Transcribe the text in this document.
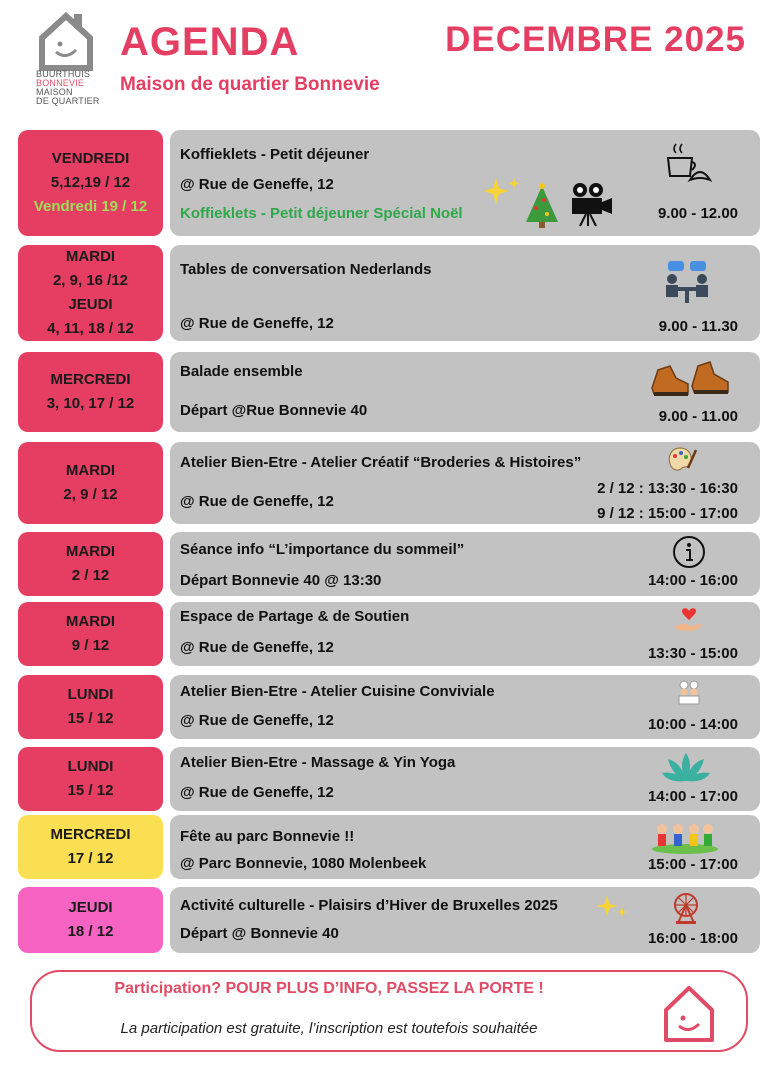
BUURTHUIS
BONNEVIE
MAISON
DE QUARTIER
AGENDA
Maison de quartier Bonnevie
DECEMBRE 2025
VENDREDI
5,12,19 / 12
Vendredi 19 / 12
Koffieklets - Petit déjeuner
@ Rue de Geneffe, 12
Koffieklets - Petit déjeuner Spécial Noël	9.00 - 12.00
MARDI
2, 9, 16 /12
JEUDI
4, 11, 18 / 12
Tables de conversation Nederlands
@ Rue de Geneffe, 12	9.00 - 11.30
MERCREDI
3, 10, 17 / 12
Balade ensemble
Départ @Rue Bonnevie 40	9.00 - 11.00
MARDI
2, 9 / 12
Atelier Bien-Etre - Atelier Créatif “Broderies & Histoires”
@ Rue de Geneffe, 12
2 / 12 : 13:30 - 16:30
9 / 12 : 15:00 - 17:00
MARDI
2 / 12
Séance info “L’importance du sommeil”
Départ Bonnevie 40 @ 13:30	14:00 - 16:00
MARDI
9 / 12
Espace de Partage & de Soutien
@ Rue de Geneffe, 12	13:30 - 15:00
LUNDI
15 / 12
Atelier Bien-Etre - Atelier Cuisine Conviviale
@ Rue de Geneffe, 12	10:00 - 14:00
LUNDI
15 / 12
Atelier Bien-Etre - Massage & Yin Yoga
@ Rue de Geneffe, 12	14:00 - 17:00
MERCREDI
17 / 12
Fête au parc Bonnevie !!
@ Parc Bonnevie, 1080 Molenbeek	15:00 - 17:00
JEUDI
18 / 12
Activité culturelle - Plaisirs d’Hiver de Bruxelles 2025
Départ @ Bonnevie 40	16:00 - 18:00
Participation? POUR PLUS D’INFO, PASSEZ LA PORTE !
La participation est gratuite, l’inscription est toutefois souhaitée
